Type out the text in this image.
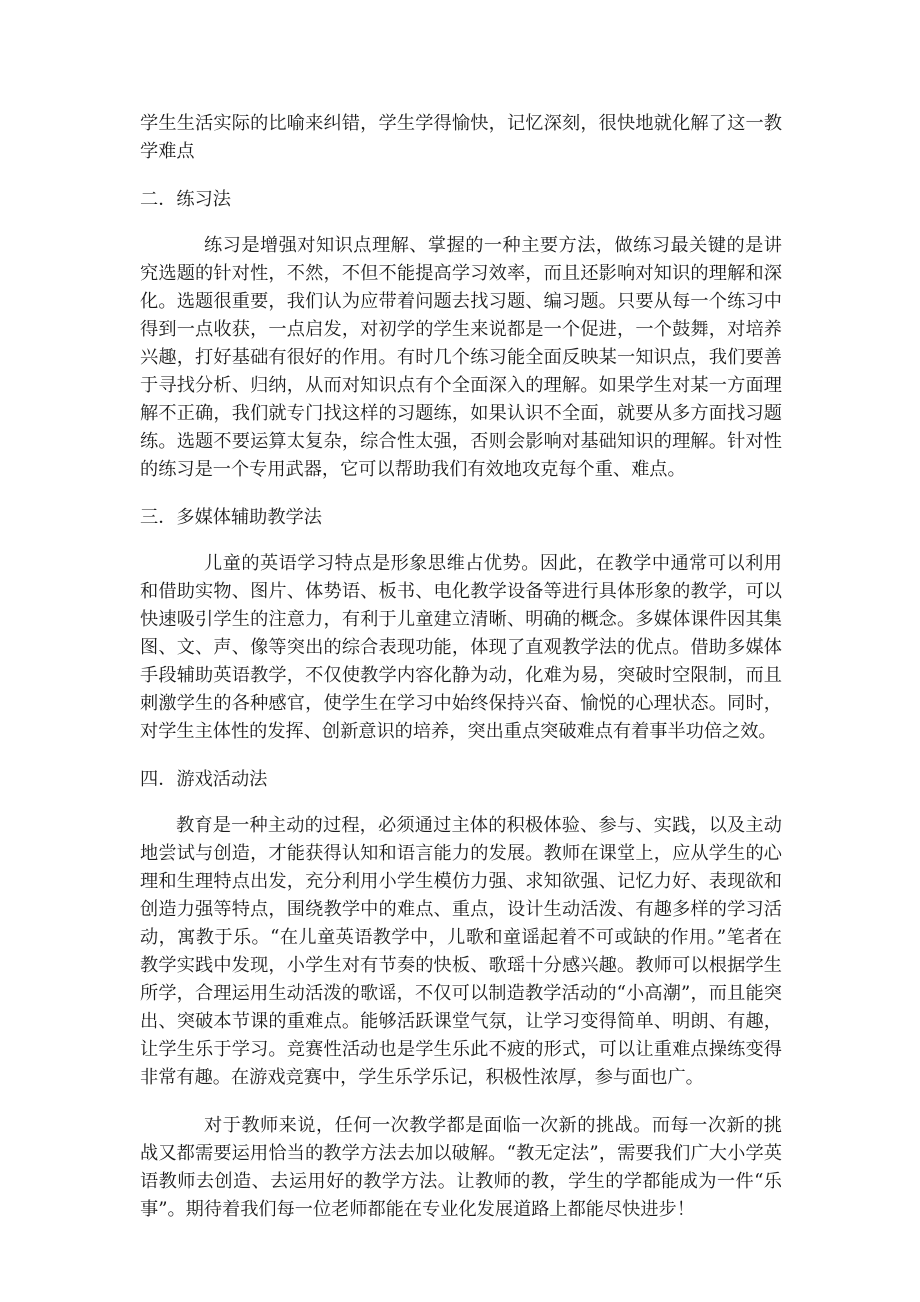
学生生活实际的比喻来纠错，学生学得愉快，记忆深刻，很快地就化解了这一教学难点

二．练习法

练习是增强对知识点理解、掌握的一种主要方法，做练习最关键的是讲究选题的针对性，不然，不但不能提高学习效率，而且还影响对知识的理解和深化。选题很重要，我们认为应带着问题去找习题、编习题。只要从每一个练习中得到一点收获，一点启发，对初学的学生来说都是一个促进，一个鼓舞，对培养兴趣，打好基础有很好的作用。有时几个练习能全面反映某一知识点，我们要善于寻找分析、归纳，从而对知识点有个全面深入的理解。如果学生对某一方面理解不正确，我们就专门找这样的习题练，如果认识不全面，就要从多方面找习题练。选题不要运算太复杂，综合性太强，否则会影响对基础知识的理解。针对性的练习是一个专用武器，它可以帮助我们有效地攻克每个重、难点。

三．多媒体辅助教学法

儿童的英语学习特点是形象思维占优势。因此，在教学中通常可以利用和借助实物、图片、体势语、板书、电化教学设备等进行具体形象的教学，可以快速吸引学生的注意力，有利于儿童建立清晰、明确的概念。多媒体课件因其集图、文、声、像等突出的综合表现功能，体现了直观教学法的优点。借助多媒体手段辅助英语教学，不仅使教学内容化静为动，化难为易，突破时空限制，而且刺激学生的各种感官，使学生在学习中始终保持兴奋、愉悦的心理状态。同时，对学生主体性的发挥、创新意识的培养，突出重点突破难点有着事半功倍之效。

四．游戏活动法

教育是一种主动的过程，必须通过主体的积极体验、参与、实践，以及主动地尝试与创造，才能获得认知和语言能力的发展。教师在课堂上，应从学生的心理和生理特点出发，充分利用小学生模仿力强、求知欲强、记忆力好、表现欲和创造力强等特点，围绕教学中的难点、重点，设计生动活泼、有趣多样的学习活动，寓教于乐。“在儿童英语教学中，儿歌和童谣起着不可或缺的作用。”笔者在教学实践中发现，小学生对有节奏的快板、歌瑶十分感兴趣。教师可以根据学生所学，合理运用生动活泼的歌谣，不仅可以制造教学活动的“小高潮”，而且能突出、突破本节课的重难点。能够活跃课堂气氛，让学习变得简单、明朗、有趣，让学生乐于学习。竞赛性活动也是学生乐此不疲的形式，可以让重难点操练变得非常有趣。在游戏竞赛中，学生乐学乐记，积极性浓厚，参与面也广。

对于教师来说，任何一次教学都是面临一次新的挑战。而每一次新的挑战又都需要运用恰当的教学方法去加以破解。“教无定法”，需要我们广大小学英语教师去创造、去运用好的教学方法。让教师的教，学生的学都能成为一件“乐事”。期待着我们每一位老师都能在专业化发展道路上都能尽快进步！
